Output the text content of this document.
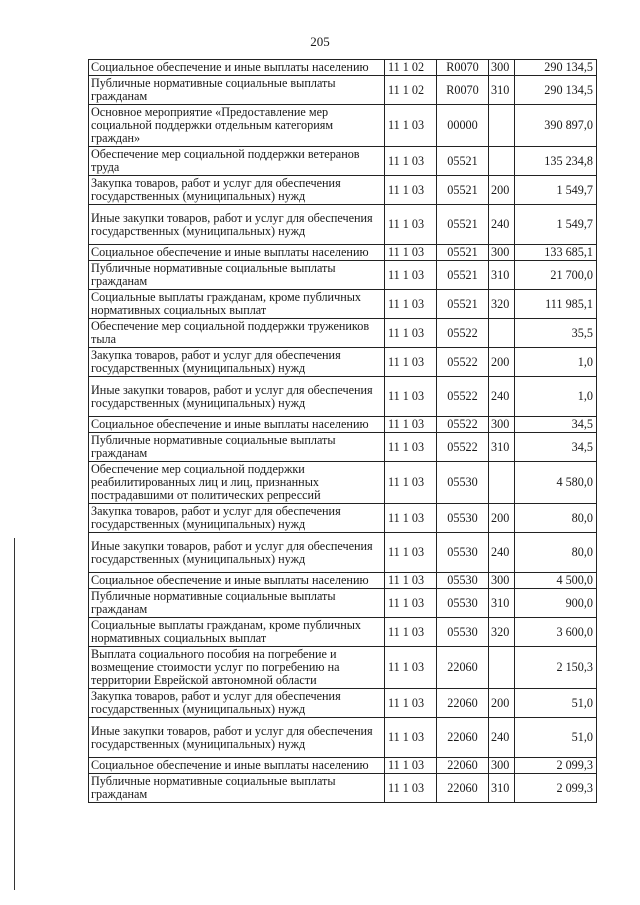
205
Социальное обеспечение и иные выплаты населению	11 1 02	R0070	300	290 134,5
Публичные нормативные социальные выплаты гражданам	11 1 02	R0070	310	290 134,5
Основное мероприятие «Предоставление мер социальной поддержки отдельным категориям граждан»	11 1 03	00000		390 897,0
Обеспечение мер социальной поддержки ветеранов труда	11 1 03	05521		135 234,8
Закупка товаров, работ и услуг для обеспечения государственных (муниципальных) нужд	11 1 03	05521	200	1 549,7
Иные закупки товаров, работ и услуг для обеспечения государственных (муниципальных) нужд	11 1 03	05521	240	1 549,7
Социальное обеспечение и иные выплаты населению	11 1 03	05521	300	133 685,1
Публичные нормативные социальные выплаты гражданам	11 1 03	05521	310	21 700,0
Социальные выплаты гражданам, кроме публичных нормативных социальных выплат	11 1 03	05521	320	111 985,1
Обеспечение мер социальной поддержки тружеников тыла	11 1 03	05522		35,5
Закупка товаров, работ и услуг для обеспечения государственных (муниципальных) нужд	11 1 03	05522	200	1,0
Иные закупки товаров, работ и услуг для обеспечения государственных (муниципальных) нужд	11 1 03	05522	240	1,0
Социальное обеспечение и иные выплаты населению	11 1 03	05522	300	34,5
Публичные нормативные социальные выплаты гражданам	11 1 03	05522	310	34,5
Обеспечение мер социальной поддержки реабилитированных лиц и лиц, признанных пострадавшими от политических репрессий	11 1 03	05530		4 580,0
Закупка товаров, работ и услуг для обеспечения государственных (муниципальных) нужд	11 1 03	05530	200	80,0
Иные закупки товаров, работ и услуг для обеспечения государственных (муниципальных) нужд	11 1 03	05530	240	80,0
Социальное обеспечение и иные выплаты населению	11 1 03	05530	300	4 500,0
Публичные нормативные социальные выплаты гражданам	11 1 03	05530	310	900,0
Социальные выплаты гражданам, кроме публичных нормативных социальных выплат	11 1 03	05530	320	3 600,0
Выплата социального пособия на погребение и возмещение стоимости услуг по погребению на территории Еврейской автономной области	11 1 03	22060		2 150,3
Закупка товаров, работ и услуг для обеспечения государственных (муниципальных) нужд	11 1 03	22060	200	51,0
Иные закупки товаров, работ и услуг для обеспечения государственных (муниципальных) нужд	11 1 03	22060	240	51,0
Социальное обеспечение и иные выплаты населению	11 1 03	22060	300	2 099,3
Публичные нормативные социальные выплаты гражданам	11 1 03	22060	310	2 099,3
